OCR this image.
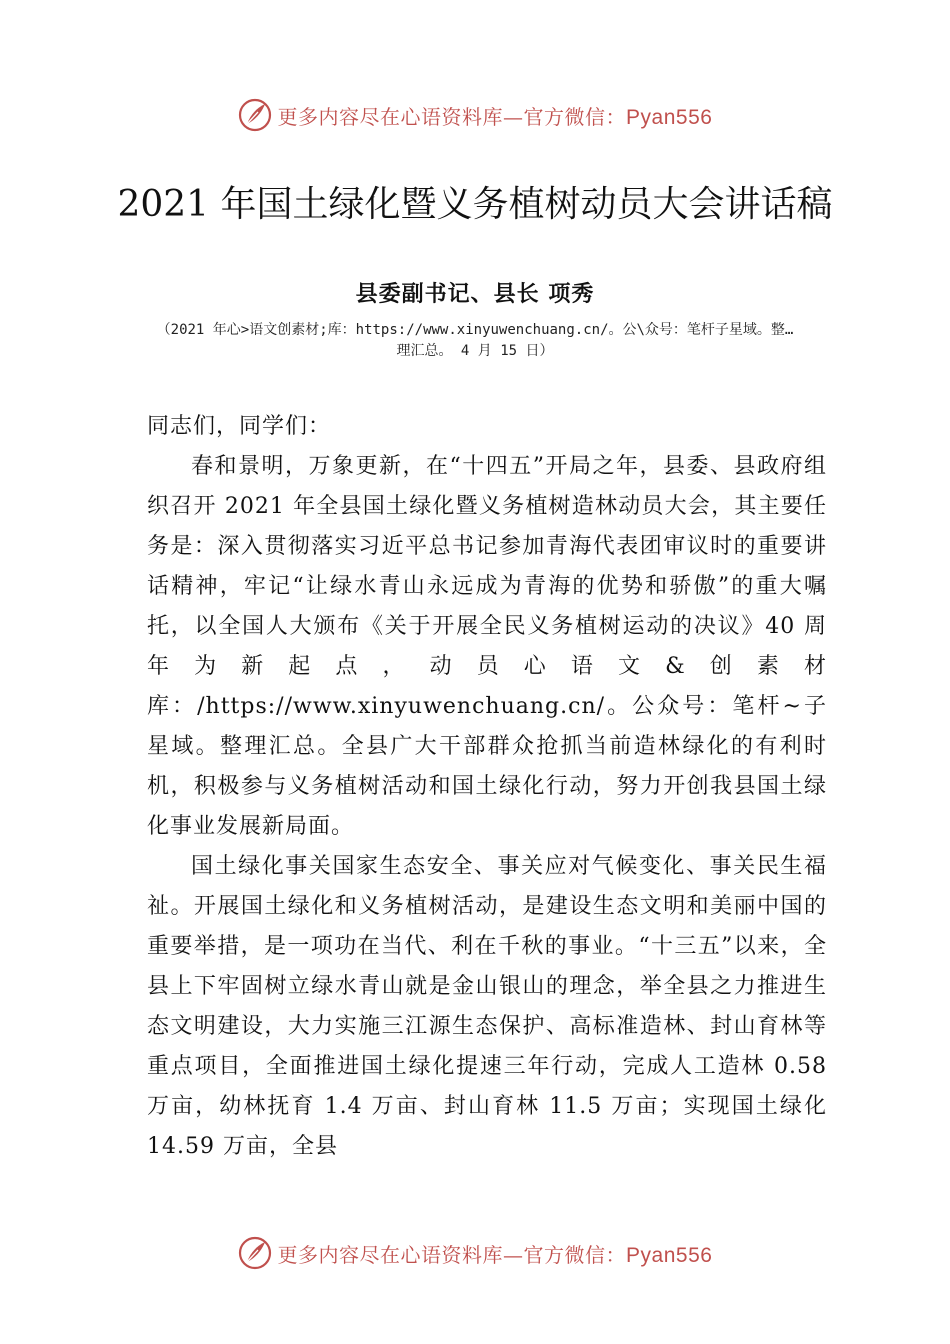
更多内容尽在心语资料库—官方微信：Pyan556
2021 年国土绿化暨义务植树动员大会讲话稿
县委副书记、县长 项秀
（2021 年心>语文创素材;库：https://www.xinyuwenchuang.cn/。公\众号：笔杆子星域。整…理汇总。 4 月 15 日）

同志们，同学们：

春和景明，万象更新，在“十四五”开局之年，县委、县政府组织召开 2021 年全县国土绿化暨义务植树造林动员大会，其主要任务是：深入贯彻落实习近平总书记参加青海代表团审议时的重要讲话精神，牢记“让绿水青山永远成为青海的优势和骄傲”的重大嘱托，以全国人大颁布《关于开展全民义务植树运动的决议》40 周年为新起点，动员心语文&创素材库：/https://www.xinyuwenchuang.cn/。公众号：笔杆~子星域。整理汇总。全县广大干部群众抢抓当前造林绿化的有利时机，积极参与义务植树活动和国土绿化行动，努力开创我县国土绿化事业发展新局面。

国土绿化事关国家生态安全、事关应对气候变化、事关民生福祉。开展国土绿化和义务植树活动，是建设生态文明和美丽中国的重要举措，是一项功在当代、利在千秋的事业。“十三五”以来，全县上下牢固树立绿水青山就是金山银山的理念，举全县之力推进生态文明建设，大力实施三江源生态保护、高标准造林、封山育林等重点项目，全面推进国土绿化提速三年行动，完成人工造林 0.58 万亩，幼林抚育 1.4 万亩、封山育林 11.5 万亩；实现国土绿化 14.59 万亩，全县

更多内容尽在心语资料库—官方微信：Pyan556
